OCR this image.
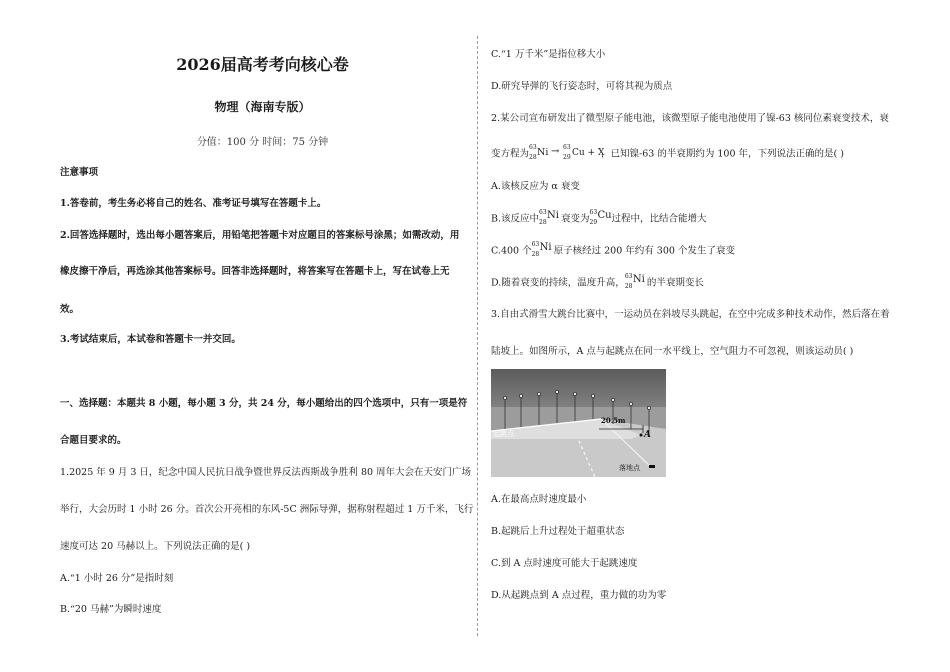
2026届高考考向核心卷
物理（海南专版）
分值：100 分 时间：75 分钟
注意事项
1.答卷前，考生务必将自己的姓名、准考证号填写在答题卡上。
2.回答选择题时，选出每小题答案后，用铅笔把答题卡对应题目的答案标号涂黑；如需改动，用
橡皮擦干净后，再选涂其他答案标号。回答非选择题时，将答案写在答题卡上，写在试卷上无
效。
3.考试结束后，本试卷和答题卡一并交回。
一、选择题：本题共 8 小题，每小题 3 分，共 24 分，每小题给出的四个选项中，只有一项是符
合题目要求的。
1.2025 年 9 月 3 日，纪念中国人民抗日战争暨世界反法西斯战争胜利 80 周年大会在天安门广场
举行，大会历时 1 小时 26 分。首次公开亮相的东风-5C 洲际导弹，据称射程超过 1 万千米，飞行
速度可达 20 马赫以上。下列说法正确的是( )
A.“1 小时 26 分”是指时刻
B.“20 马赫”为瞬时速度
C.“1 万千米”是指位移大小
D.研究导弹的飞行姿态时，可将其视为质点
2.某公司宣布研发出了微型原子能电池，该微型原子能电池使用了镍-63 核同位素衰变技术，衰
变方程为
63
28 Ni → 63
29 Cu + X
，已知镍-63 的半衰期约为 100 年，下列说法正确的是( )
A.该核反应为 α 衰变
B.该反应中
63
28
Ni 衰变为
63
29
Cu 过程中，比结合能增大
C.400 个
63
28
Ni 原子核经过 200 年约有 300 个发生了衰变
D.随着衰变的持续，温度升高，
63
28
Ni 的半衰期变长
3.自由式滑雪大跳台比赛中，一运动员在斜坡尽头跳起，在空中完成多种技术动作，然后落在着
陆坡上。如图所示，A 点与起跳点在同一水平线上，空气阻力不可忽视，则该运动员( )
20.5m
起跳点	A
落地点
A.在最高点时速度最小
B.起跳后上升过程处于超重状态
C.到 A 点时速度可能大于起跳速度
D.从起跳点到 A 点过程，重力做的功为零
